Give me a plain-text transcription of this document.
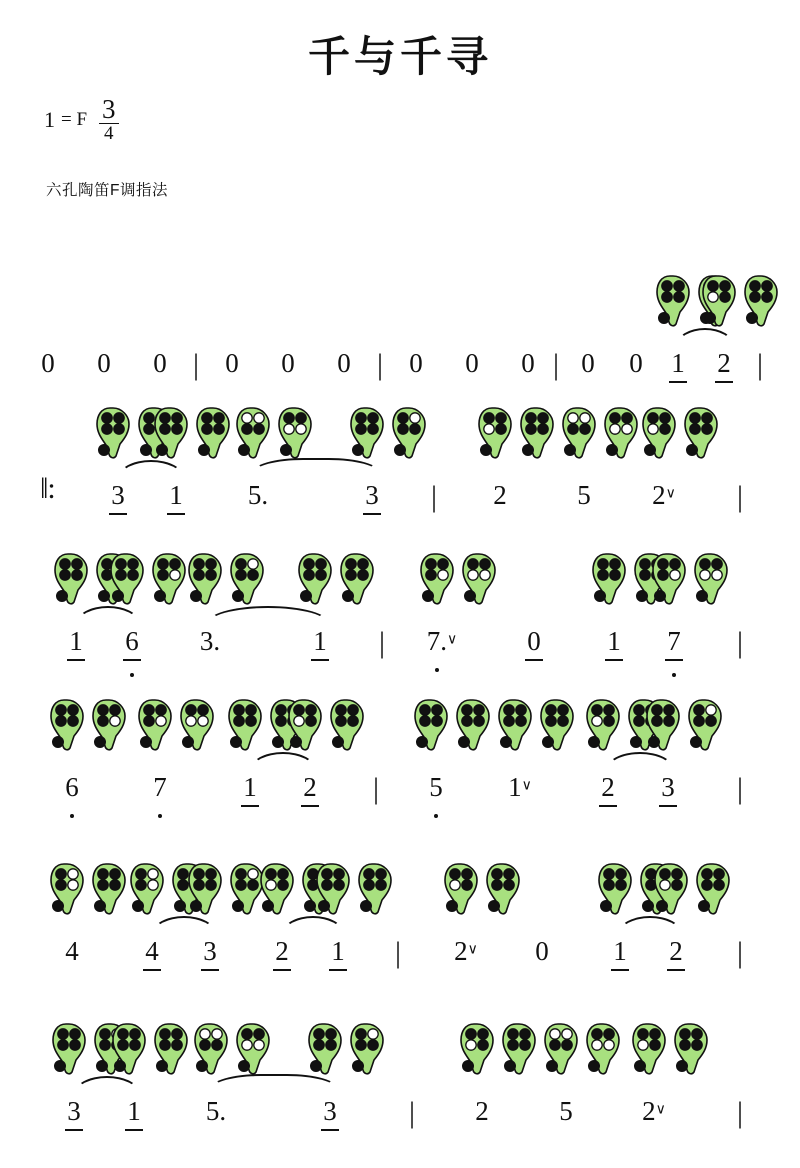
千与千寻
1 = F $\frac{3}{4}$
六孔陶笛F调指法
0	0	0 | 0	0	0 | 0	0	0 | 0	0	1	2 |
‖:	3	1	5.	3	|	2	5	2∨	|
1	6	3.	1	|	7.
∨	0	1	7	|
6	7	1	2	|	5	1∨	2	3	|
4	4	3	2	1	|	2∨	0	1	2	|
3	1	5.	3	|	2	5	2∨	|
